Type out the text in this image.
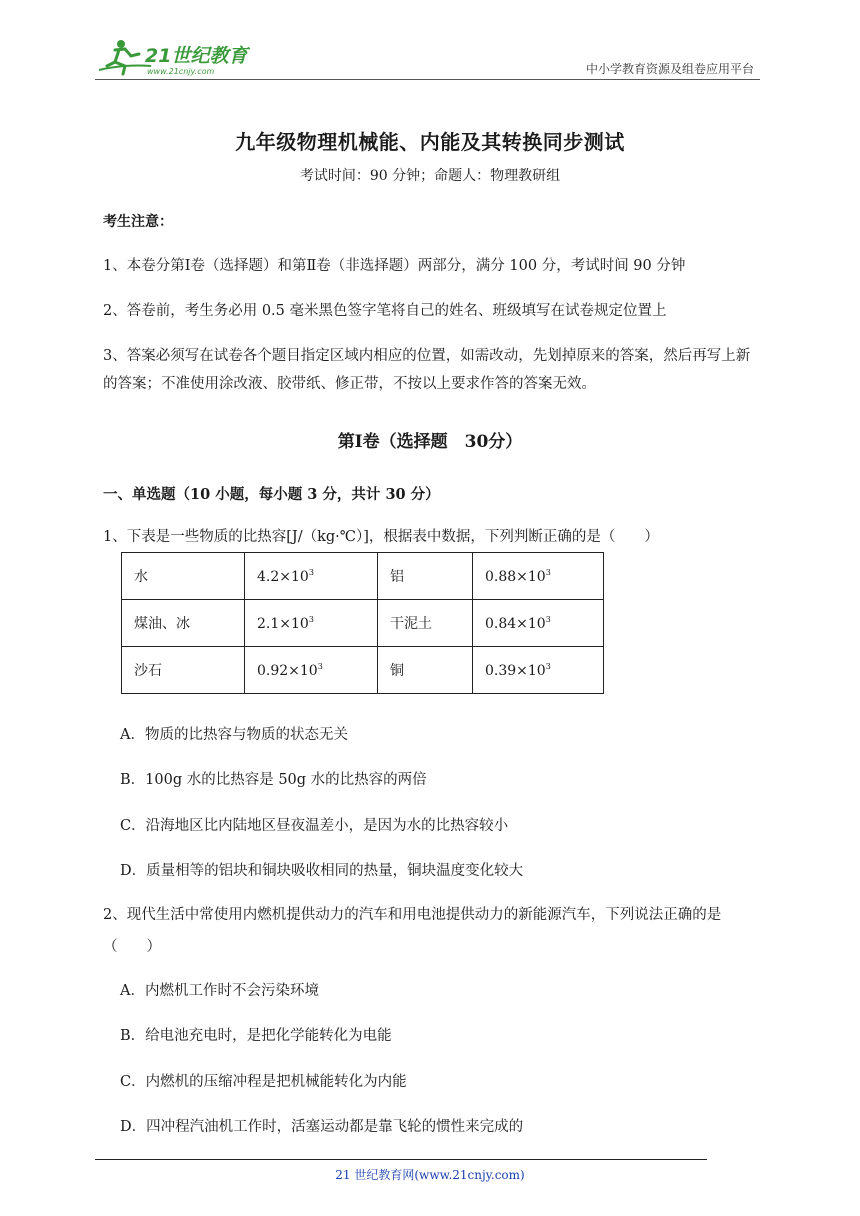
21世纪教育
www.21cnjy.com	中小学教育资源及组卷应用平台
九年级物理机械能、内能及其转换同步测试
考试时间：90 分钟；命题人：物理教研组
考生注意：
1、本卷分第Ⅰ卷（选择题）和第Ⅱ卷（非选择题）两部分，满分 100 分，考试时间 90 分钟
2、答卷前，考生务必用 0.5 毫米黑色签字笔将自己的姓名、班级填写在试卷规定位置上
3、答案必须写在试卷各个题目指定区域内相应的位置，如需改动，先划掉原来的答案，然后再写上新的答案；不准使用涂改液、胶带纸、修正带，不按以上要求作答的答案无效。
第Ⅰ卷（选择题　30分）
一、单选题（10 小题，每小题 3 分，共计 30 分）
1、下表是一些物质的比热容[J/（kg·℃）]，根据表中数据，下列判断正确的是（　　）
水	$4.2\times 10^3$	铝	$0.88\times 10^3$
煤油、冰	$2.1\times 10^3$	干泥土	$0.84\times 10^3$
沙石	$0.92\times 10^3$	铜	$0.39\times 10^3$
A．物质的比热容与物质的状态无关
B．100g 水的比热容是 50g 水的比热容的两倍
C．沿海地区比内陆地区昼夜温差小，是因为水的比热容较小
D．质量相等的铝块和铜块吸收相同的热量，铜块温度变化较大
2、现代生活中常使用内燃机提供动力的汽车和用电池提供动力的新能源汽车，下列说法正确的是（　　）
A．内燃机工作时不会污染环境
B．给电池充电时，是把化学能转化为电能
C．内燃机的压缩冲程是把机械能转化为内能
D．四冲程汽油机工作时，活塞运动都是靠飞轮的惯性来完成的
21 世纪教育网(www.21cnjy.com)
